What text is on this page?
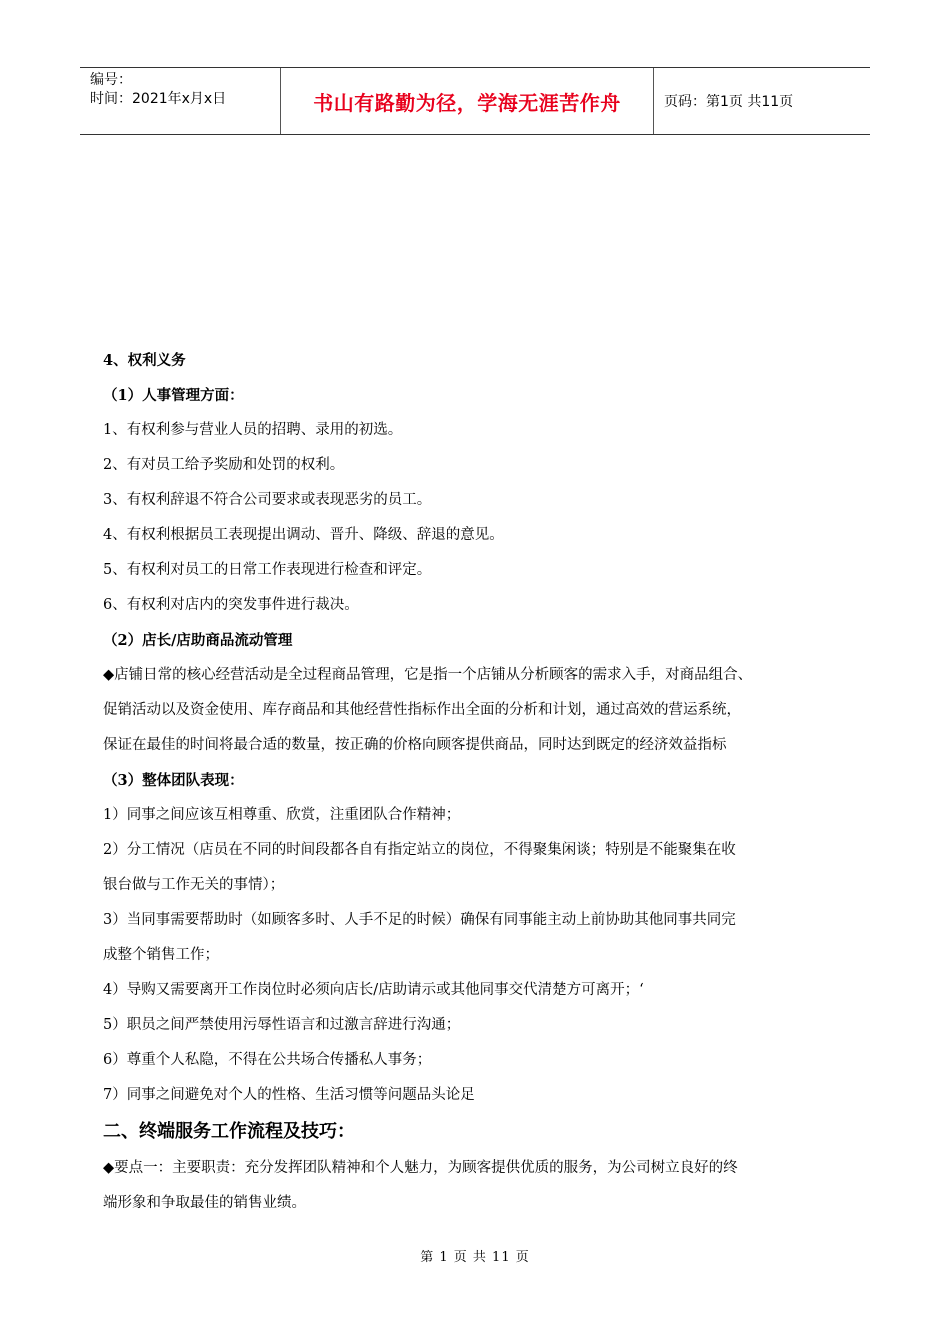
编号：
时间：2021年x月x日	书山有路勤为径，学海无涯苦作舟	页码：第1页 共11页
4、权利义务
（1）人事管理方面：
1、有权利参与营业人员的招聘、录用的初选。
2、有对员工给予奖励和处罚的权利。
3、有权利辞退不符合公司要求或表现恶劣的员工。
4、有权利根据员工表现提出调动、晋升、降级、辞退的意见。
5、有权利对员工的日常工作表现进行检查和评定。
6、有权利对店内的突发事件进行裁决。
（2）店长/店助商品流动管理
◆店铺日常的核心经营活动是全过程商品管理，它是指一个店铺从分析顾客的需求入手，对商品组合、
促销活动以及资金使用、库存商品和其他经营性指标作出全面的分析和计划，通过高效的营运系统，
保证在最佳的时间将最合适的数量，按正确的价格向顾客提供商品，同时达到既定的经济效益指标
（3）整体团队表现：
1）同事之间应该互相尊重、欣赏，注重团队合作精神；
2）分工情况（店员在不同的时间段都各自有指定站立的岗位，不得聚集闲谈；特别是不能聚集在收
银台做与工作无关的事情）；
3）当同事需要帮助时（如顾客多时、人手不足的时候）确保有同事能主动上前协助其他同事共同完
成整个销售工作；
4）导购又需要离开工作岗位时必须向店长/店助请示或其他同事交代清楚方可离开；‘
5）职员之间严禁使用污辱性语言和过激言辞进行沟通；
6）尊重个人私隐，不得在公共场合传播私人事务；
7）同事之间避免对个人的性格、生活习惯等问题品头论足
二、终端服务工作流程及技巧：
◆要点一：主要职责：充分发挥团队精神和个人魅力，为顾客提供优质的服务，为公司树立良好的终
端形象和争取最佳的销售业绩。
第 1 页 共 11 页
